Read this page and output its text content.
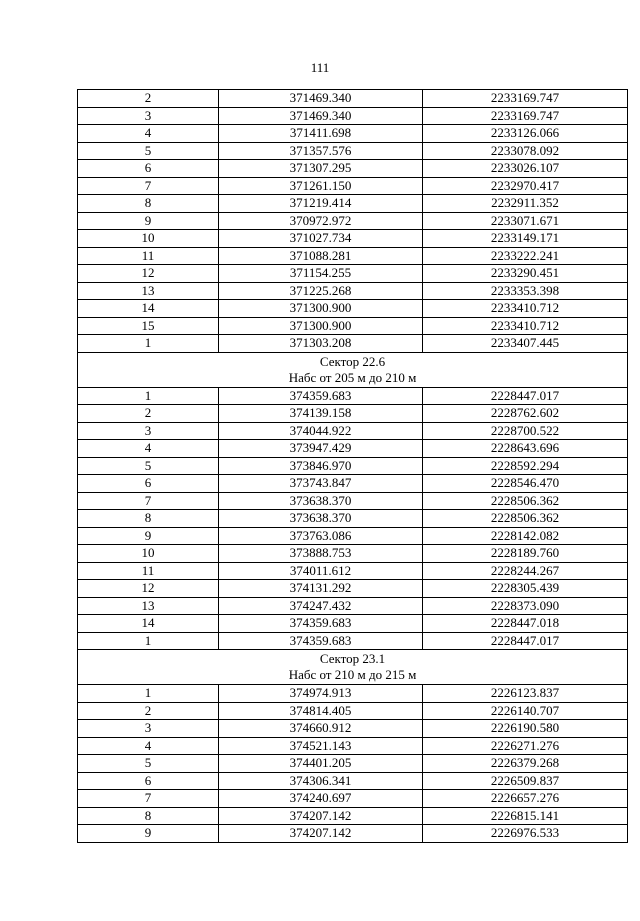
111
2	371469.340	2233169.747
3	371469.340	2233169.747
4	371411.698	2233126.066
5	371357.576	2233078.092
6	371307.295	2233026.107
7	371261.150	2232970.417
8	371219.414	2232911.352
9	370972.972	2233071.671
10	371027.734	2233149.171
11	371088.281	2233222.241
12	371154.255	2233290.451
13	371225.268	2233353.398
14	371300.900	2233410.712
15	371300.900	2233410.712
1	371303.208	2233407.445

Сектор 22.6
Набс от 205 м до 210 м		

1	374359.683	2228447.017
2	374139.158	2228762.602
3	374044.922	2228700.522
4	373947.429	2228643.696
5	373846.970	2228592.294
6	373743.847	2228546.470
7	373638.370	2228506.362
8	373638.370	2228506.362
9	373763.086	2228142.082
10	373888.753	2228189.760
11	374011.612	2228244.267
12	374131.292	2228305.439
13	374247.432	2228373.090
14	374359.683	2228447.018
1	374359.683	2228447.017

Сектор 23.1
Набс от 210 м до 215 м		

1	374974.913	2226123.837
2	374814.405	2226140.707
3	374660.912	2226190.580
4	374521.143	2226271.276
5	374401.205	2226379.268
6	374306.341	2226509.837
7	374240.697	2226657.276
8	374207.142	2226815.141
9	374207.142	2226976.533
